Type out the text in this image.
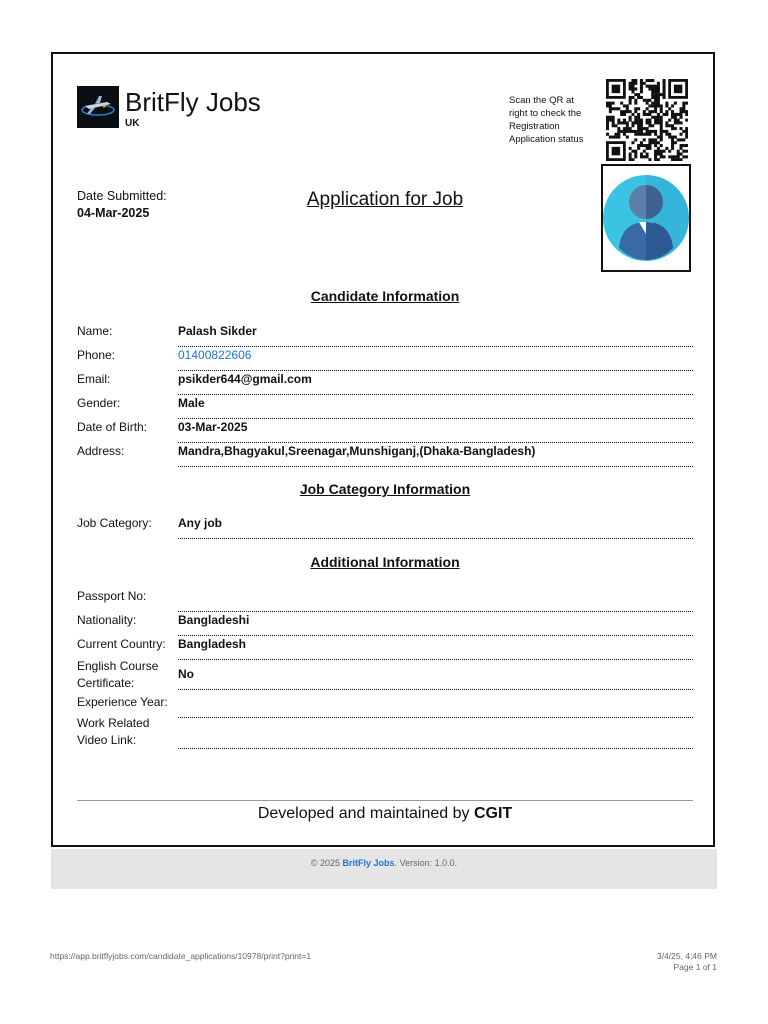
BritFly Jobs
UK
Scan the QR at right to check the Registration Application status
Date Submitted:
04-Mar-2025
Application for Job
Candidate Information
Name:	Palash Sikder
Phone:	01400822606
Email:	psikder644@gmail.com
Gender:	Male
Date of Birth:	03-Mar-2025
Address:	Mandra,Bhagyakul,Sreenagar,Munshiganj,(Dhaka-Bangladesh)
Job Category Information
Job Category:	Any job
Additional Information
Passport No:
Nationality:	Bangladeshi
Current Country:	Bangladesh
English Course Certificate:
No
Experience Year:
Work Related Video Link:
Developed and maintained by CGIT
© 2025 BritFly Jobs. Version: 1.0.0.
https://app.britflyjobs.com/candidate_applications/10978/print?print=1	3/4/25, 4:46 PM
Page 1 of 1
